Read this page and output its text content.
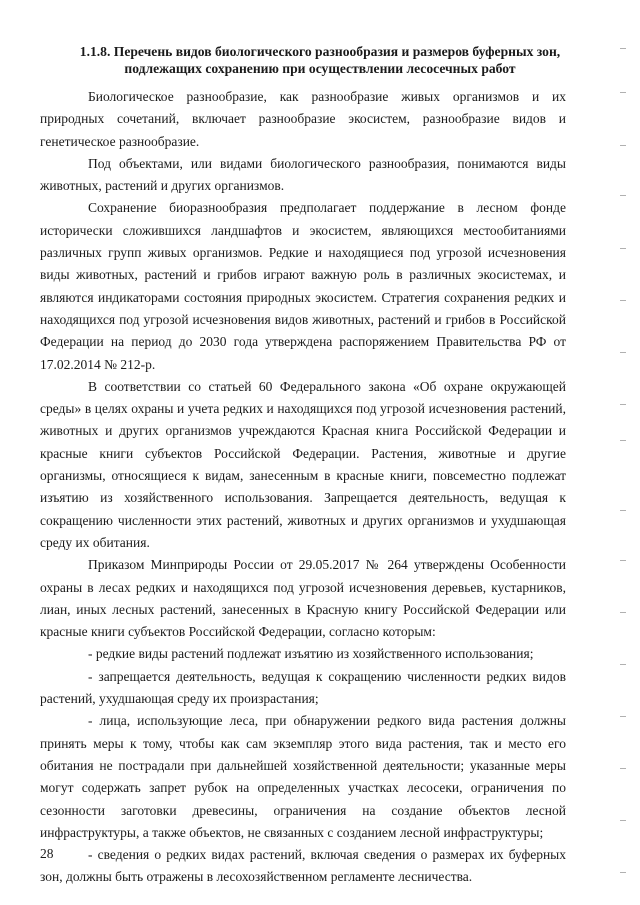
1.1.8. Перечень видов биологического разнообразия и размеров буферных зон,
подлежащих сохранению при осуществлении лесосечных работ

Биологическое разнообразие, как разнообразие живых организмов и их природных сочетаний, включает разнообразие экосистем, разнообразие видов и генетическое разнообразие.

Под объектами, или видами биологического разнообразия, понимаются виды животных, растений и других организмов.

Сохранение биоразнообразия предполагает поддержание в лесном фонде исторически сложившихся ландшафтов и экосистем, являющихся местообитаниями различных групп живых организмов. Редкие и находящиеся под угрозой исчезновения виды животных, растений и грибов играют важную роль в различных экосистемах, и являются индикаторами состояния природных экосистем. Стратегия сохранения редких и находящихся под угрозой исчезновения видов животных, растений и грибов в Российской Федерации на период до 2030 года утверждена распоряжением Правительства РФ от 17.02.2014 № 212-р.

В соответствии со статьей 60 Федерального закона «Об охране окружающей среды» в целях охраны и учета редких и находящихся под угрозой исчезновения растений, животных и других организмов учреждаются Красная книга Российской Федерации и красные книги субъектов Российской Федерации. Растения, животные и другие организмы, относящиеся к видам, занесенным в красные книги, повсеместно подлежат изъятию из хозяйственного использования. Запрещается деятельность, ведущая к сокращению численности этих растений, животных и других организмов и ухудшающая среду их обитания.

Приказом Минприроды России от 29.05.2017 № 264 утверждены Особенности охраны в лесах редких и находящихся под угрозой исчезновения деревьев, кустарников, лиан, иных лесных растений, занесенных в Красную книгу Российской Федерации или красные книги субъектов Российской Федерации, согласно которым:

- редкие виды растений подлежат изъятию из хозяйственного использования;

- запрещается деятельность, ведущая к сокращению численности редких видов растений, ухудшающая среду их произрастания;

- лица, использующие леса, при обнаружении редкого вида растения должны принять меры к тому, чтобы как сам экземпляр этого вида растения, так и место его обитания не пострадали при дальнейшей хозяйственной деятельности; указанные меры могут содержать запрет рубок на определенных участках лесосеки, ограничения по сезонности заготовки древесины, ограничения на создание объектов лесной инфраструктуры, а также объектов, не связанных с созданием лесной инфраструктуры;

- сведения о редких видах растений, включая сведения о размерах их буферных зон, должны быть отражены в лесохозяйственном регламенте лесничества.

28
